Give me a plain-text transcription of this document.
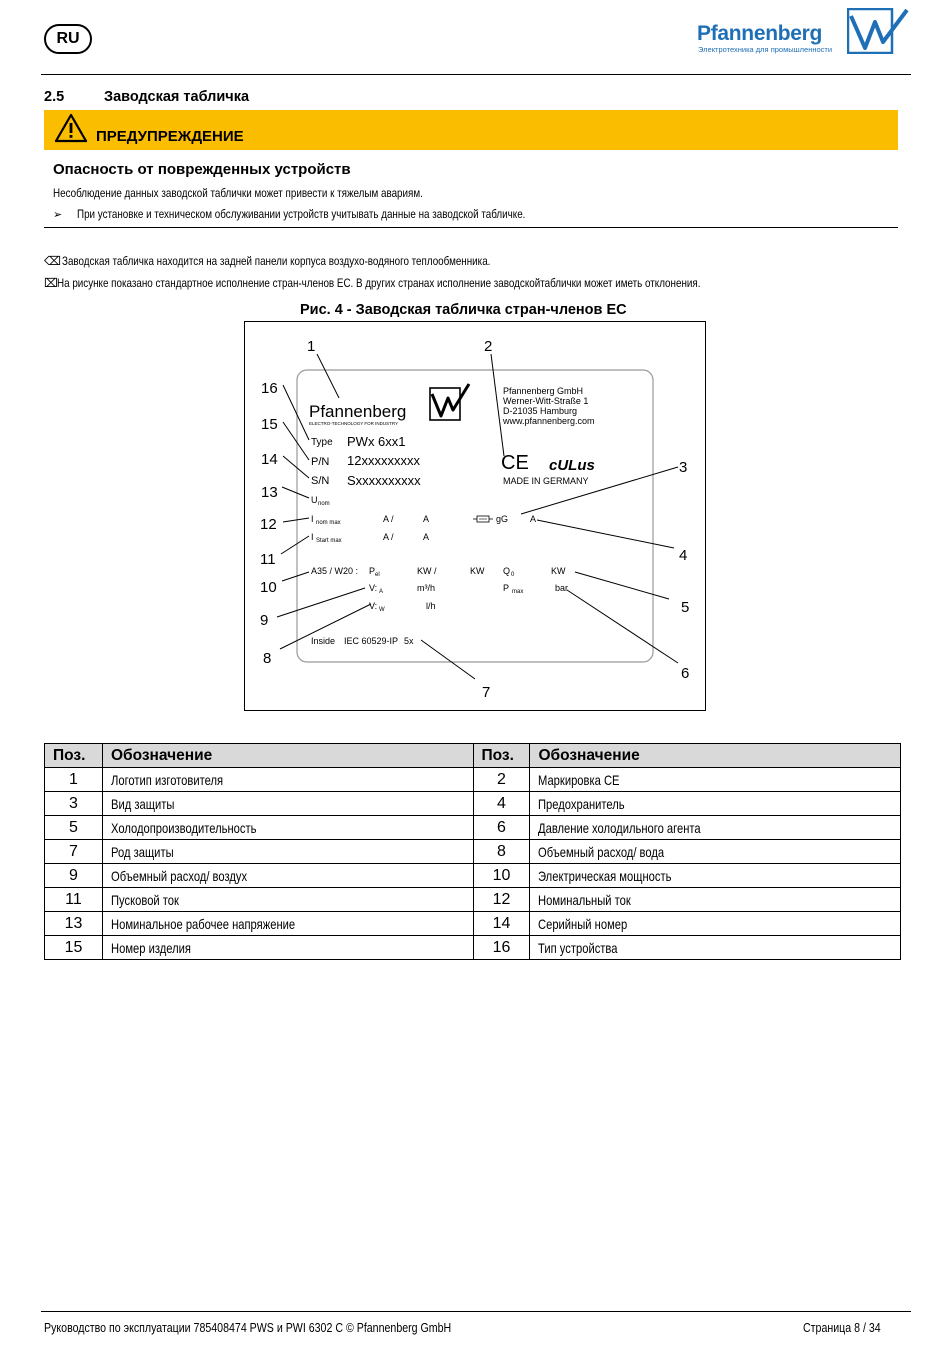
RU	Pfannenberg
Электротехника для промышленности
2.5	Заводская табличка
ПРЕДУПРЕЖДЕНИЕ
Опасность от поврежденных устройств
Несоблюдение данных заводской таблички может привести к тяжелым авариям.
➢ При установке и техническом обслуживании устройств учитывать данные на заводской табличке.
⌫Заводская табличка находится на задней панели корпуса воздухо-водяного теплообменника.
⌧На рисунке показано стандартное исполнение стран-членов ЕС. В других странах исполнение заводскойтаблички может иметь отклонения.
Рис. 4 - Заводская табличка стран-членов ЕС
Pfannenberg
ELECTRO-TECHNOLOGY FOR INDUSTRY
Pfannenberg GmbH
Werner-Witt-Straße 1
D-21035 Hamburg
www.pfannenberg.com
CE cULus
MADE IN GERMANY
Type PWx 6xx1
P/N 12xxxxxxxxx
S/N Sxxxxxxxxxx
U nom
I nom max	A /	A
I Start max	A /	A
gG A
A35 / W20 : P el	KW /	KW Q 0	KW
V: A	m³/h	P max	bar
V: W	l/h
Inside IEC 60529-IP 5x
1	2
3
4
5
6
7
8
9
10
11
12
13
14
15
16
Поз.	Обозначение	Поз.	Обозначение
1	Логотип изготовителя	2	Маркировка СЕ
3	Вид защиты	4	Предохранитель
5	Холодопроизводительность	6	Давление холодильного агента
7	Род защиты	8	Объемный расход/ вода
9	Объемный расход/ воздух	10	Электрическая мощность
11	Пусковой ток	12	Номинальный ток
13	Номинальное рабочее напряжение	14	Серийный номер
15	Номер изделия	16	Тип устройства
Руководство по эксплуатации 785408474 PWS и PWI 6302 C © Pfannenberg GmbH	Страница 8 / 34
